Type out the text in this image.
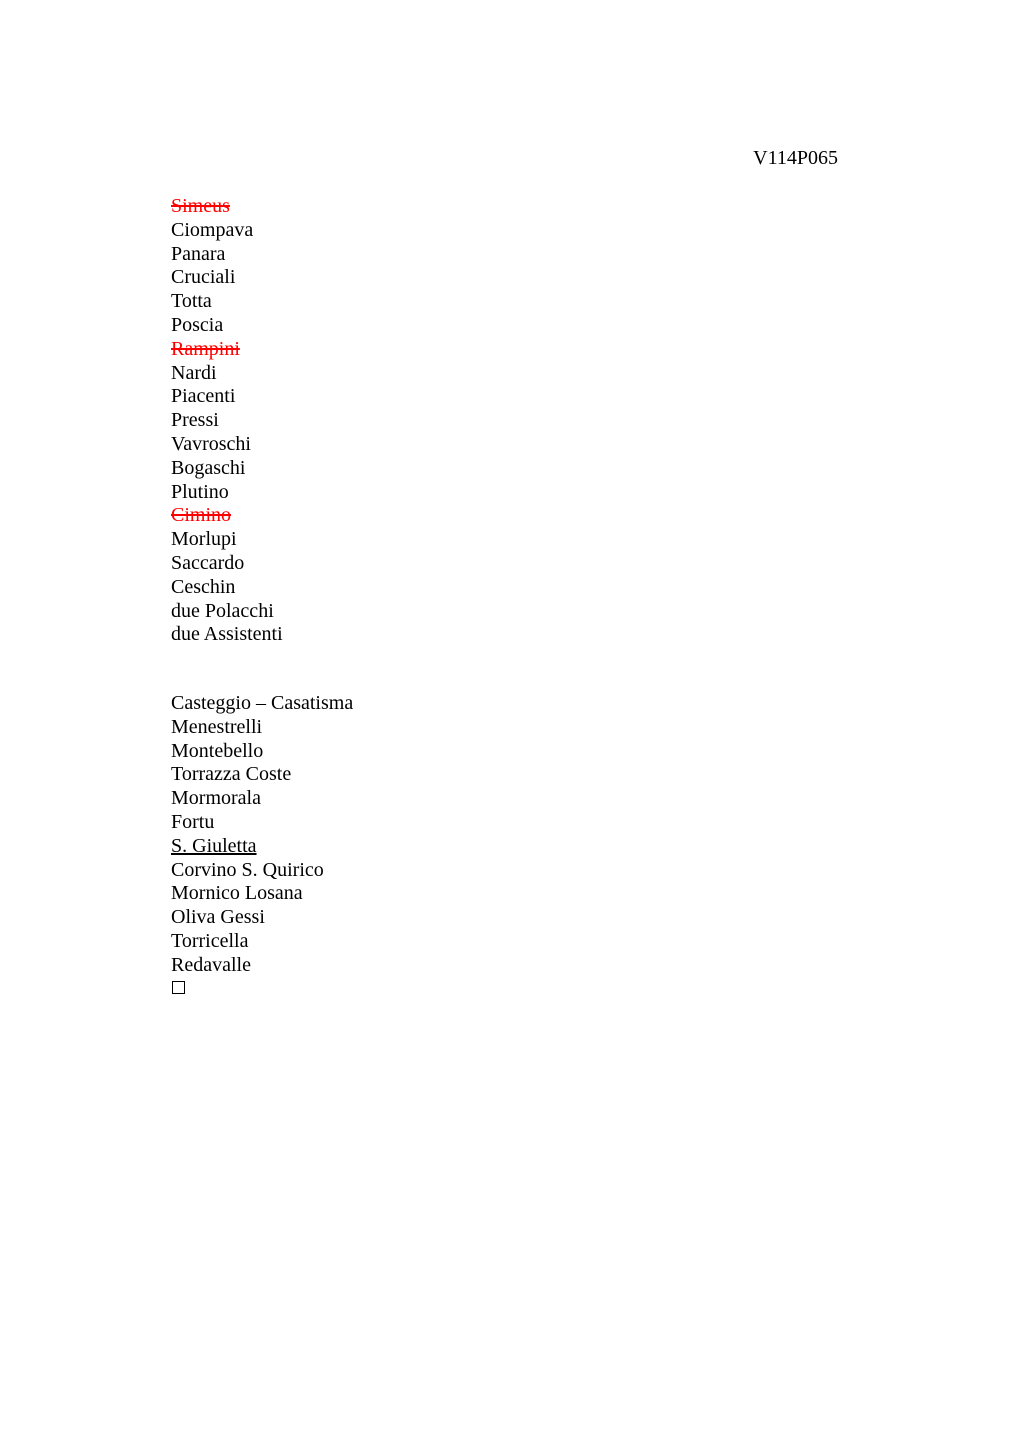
V114P065
Simeus
Ciompava
Panara
Cruciali
Totta
Poscia
Rampini
Nardi
Piacenti
Pressi
Vavroschi
Bogaschi
Plutino
Cimino
Morlupi
Saccardo
Ceschin
due Polacchi
due Assistenti
Casteggio – Casatisma
Menestrelli
Montebello
Torrazza Coste
Mormorala
Fortu
S. Giuletta
Corvino S. Quirico
Mornico Losana
Oliva Gessi
Torricella
Redavalle
